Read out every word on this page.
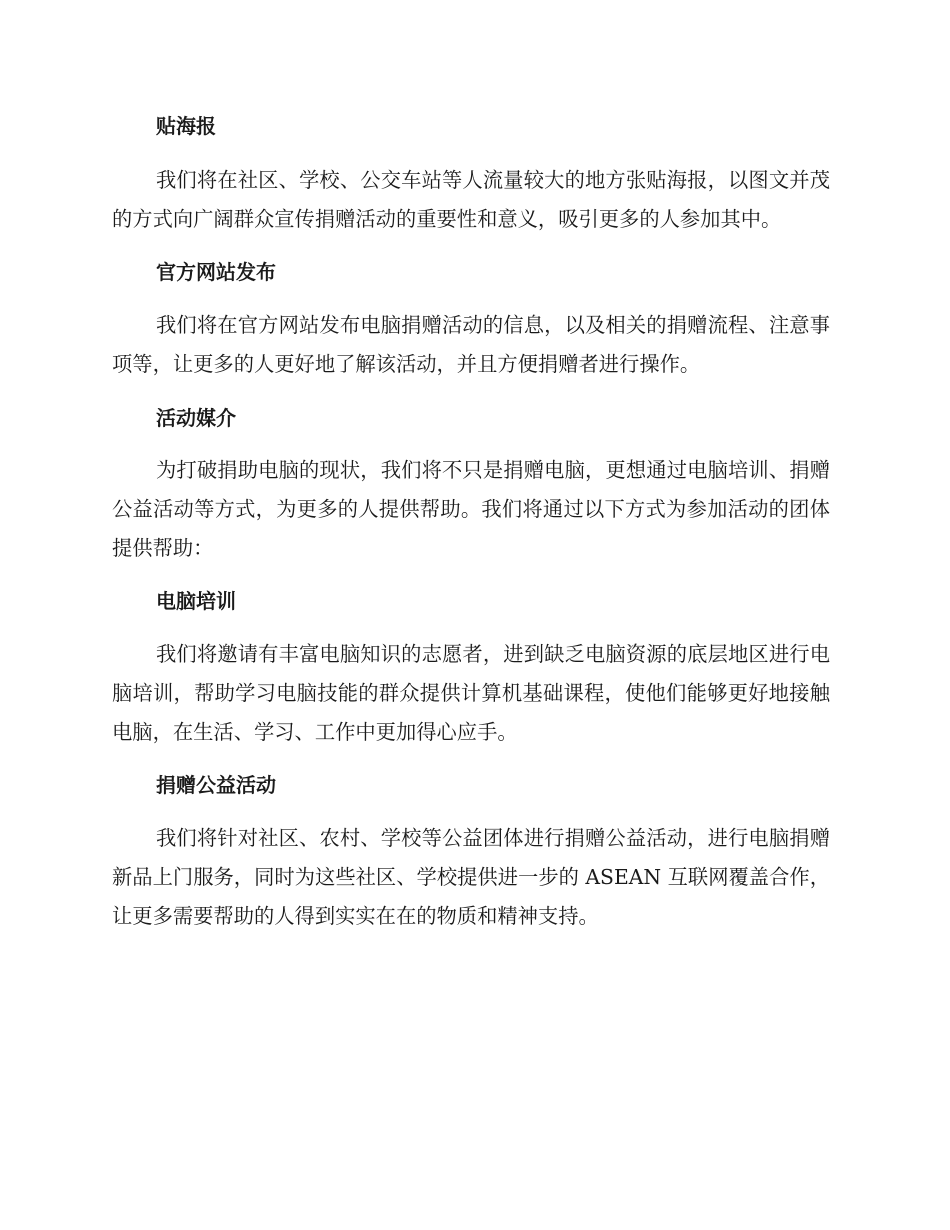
贴海报

我们将在社区、学校、公交车站等人流量较大的地方张贴海报，以图文并茂的方式向广阔群众宣传捐赠活动的重要性和意义，吸引更多的人参加其中。

官方网站发布

我们将在官方网站发布电脑捐赠活动的信息，以及相关的捐赠流程、注意事项等，让更多的人更好地了解该活动，并且方便捐赠者进行操作。

活动媒介

为打破捐助电脑的现状，我们将不只是捐赠电脑，更想通过电脑培训、捐赠公益活动等方式，为更多的人提供帮助。我们将通过以下方式为参加活动的团体提供帮助：

电脑培训

我们将邀请有丰富电脑知识的志愿者，进到缺乏电脑资源的底层地区进行电脑培训，帮助学习电脑技能的群众提供计算机基础课程，使他们能够更好地接触电脑，在生活、学习、工作中更加得心应手。

捐赠公益活动

我们将针对社区、农村、学校等公益团体进行捐赠公益活动，进行电脑捐赠新品上门服务，同时为这些社区、学校提供进一步的 ASEAN 互联网覆盖合作，让更多需要帮助的人得到实实在在的物质和精神支持。
